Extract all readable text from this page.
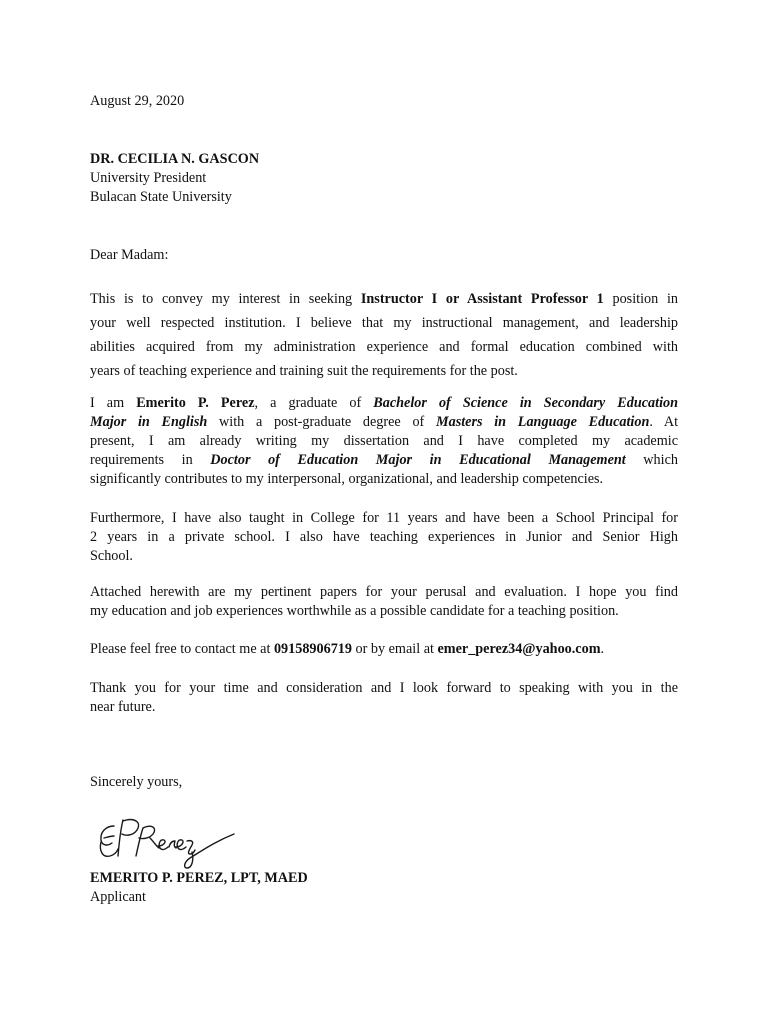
August 29, 2020
DR. CECILIA N. GASCON
University President
Bulacan State University
Dear Madam:
This is to convey my interest in seeking Instructor I or Assistant Professor 1 position in
your well respected institution. I believe that my instructional management, and leadership
abilities acquired from my administration experience and formal education combined with
years of teaching experience and training suit the requirements for the post.
I am Emerito P. Perez, a graduate of Bachelor of Science in Secondary Education
Major in English with a post-graduate degree of Masters in Language Education. At
present, I am already writing my dissertation and I have completed my academic
requirements in Doctor of Education Major in Educational Management which
significantly contributes to my interpersonal, organizational, and leadership competencies.
Furthermore, I have also taught in College for 11 years and have been a School Principal for
2 years in a private school. I also have teaching experiences in Junior and Senior High
School.
Attached herewith are my pertinent papers for your perusal and evaluation. I hope you find
my education and job experiences worthwhile as a possible candidate for a teaching position.
Please feel free to contact me at 09158906719 or by email at emer_perez34@yahoo.com.
Thank you for your time and consideration and I look forward to speaking with you in the
near future.
Sincerely yours,
EMERITO P. PEREZ, LPT, MAED
Applicant
